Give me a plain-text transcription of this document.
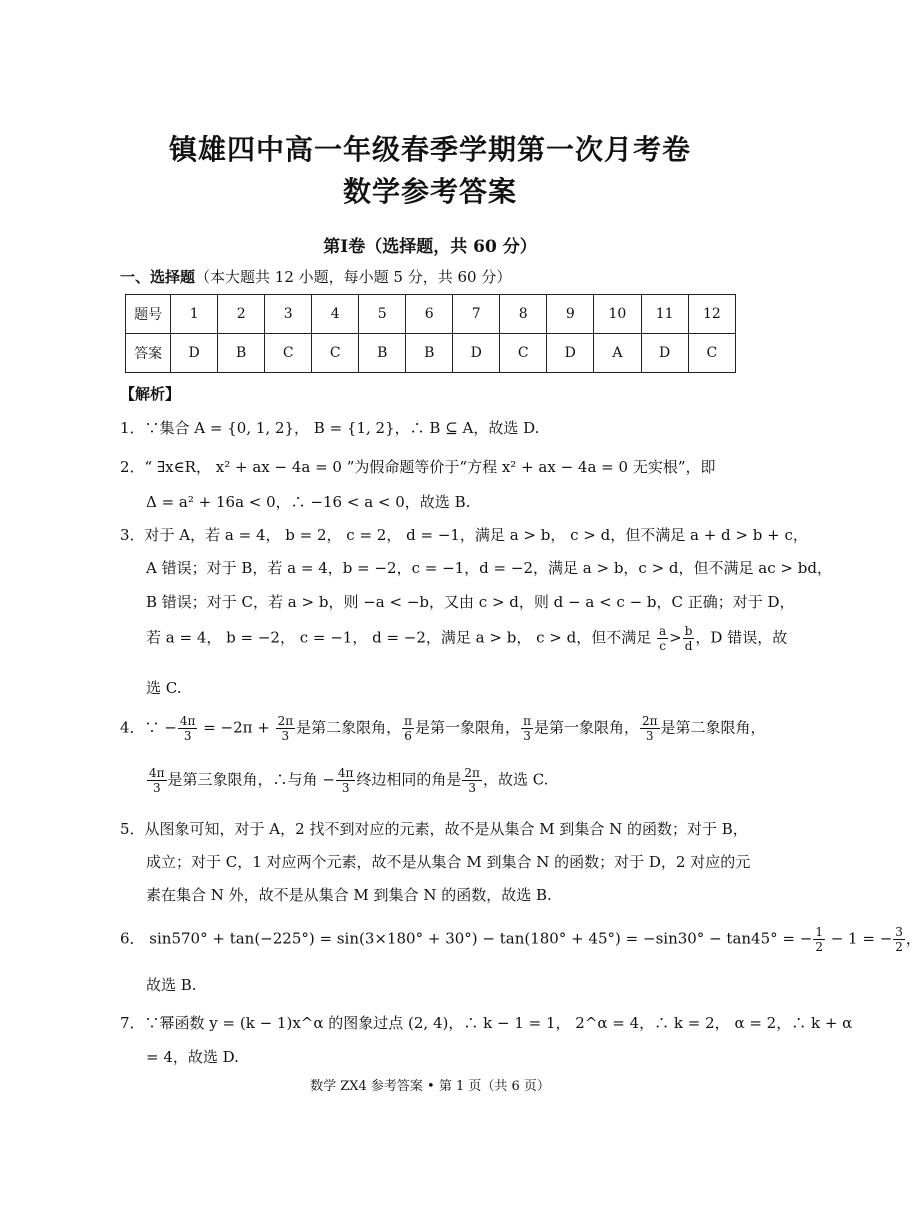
镇雄四中高一年级春季学期第一次月考卷
数学参考答案
第Ⅰ卷（选择题，共 60 分）
一、选择题（本大题共 12 小题，每小题 5 分，共 60 分）
题号	1	2	3	4	5	6	7	8	9	10	11	12
答案	D	B	C	C	B	B	D	C	D	A	D	C
【解析】
1．∵集合 A = {0, 1, 2}， B = {1, 2}，∴ B ⊆ A，故选 D.
2．“ ∃x∈R， x² + ax − 4a = 0 ”为假命题等价于“方程 x² + ax − 4a = 0 无实根”，即
Δ = a² + 16a < 0，∴ −16 < a < 0，故选 B.
3．对于 A，若 a = 4， b = 2， c = 2， d = −1，满足 a > b， c > d，但不满足 a + d > b + c，
A 错误；对于 B，若 a = 4，b = −2，c = −1，d = −2，满足 a > b，c > d，但不满足 ac > bd，
B 错误；对于 C，若 a > b，则 −a < −b，又由 c > d，则 d − a < c − b，C 正确；对于 D，
若 a = 4， b = −2， c = −1， d = −2，满足 a > b， c > d，但不满足 $\frac{a}{c} > \frac{b}{d}$ ，D 错误，故
选 C.
4．∵ − $\frac{4\pi}{3} = -2\pi + \frac{2\pi}{3}$ 是第二象限角， $\frac{\pi}{6}$ 是第一象限角， $\frac{\pi}{3}$ 是第一象限角， $\frac{2\pi}{3}$ 是第二象限角，
$\frac{4\pi}{3}$ 是第三象限角，∴与角 − $\frac{4\pi}{3}$ 终边相同的角是 $\frac{2\pi}{3}$ ，故选 C.
5．从图象可知，对于 A，2 找不到对应的元素，故不是从集合 M 到集合 N 的函数；对于 B，
成立；对于 C，1 对应两个元素，故不是从集合 M 到集合 N 的函数；对于 D，2 对应的元
素在集合 N 外，故不是从集合 M 到集合 N 的函数，故选 B.
6． sin570° + tan(−225°) = sin(3×180° + 30°) − tan(180° + 45°) = −sin30° − tan45° = − $\frac{1}{2} - 1$ = − $\frac{3}{2}$ ，
故选 B.
7．∵幂函数 y = (k − 1)x^α 的图象过点 (2, 4)，∴ k − 1 = 1， 2^α = 4，∴ k = 2， α = 2，∴ k + α
= 4，故选 D.
数学 ZX4 参考答案 • 第 1 页（共 6 页）
